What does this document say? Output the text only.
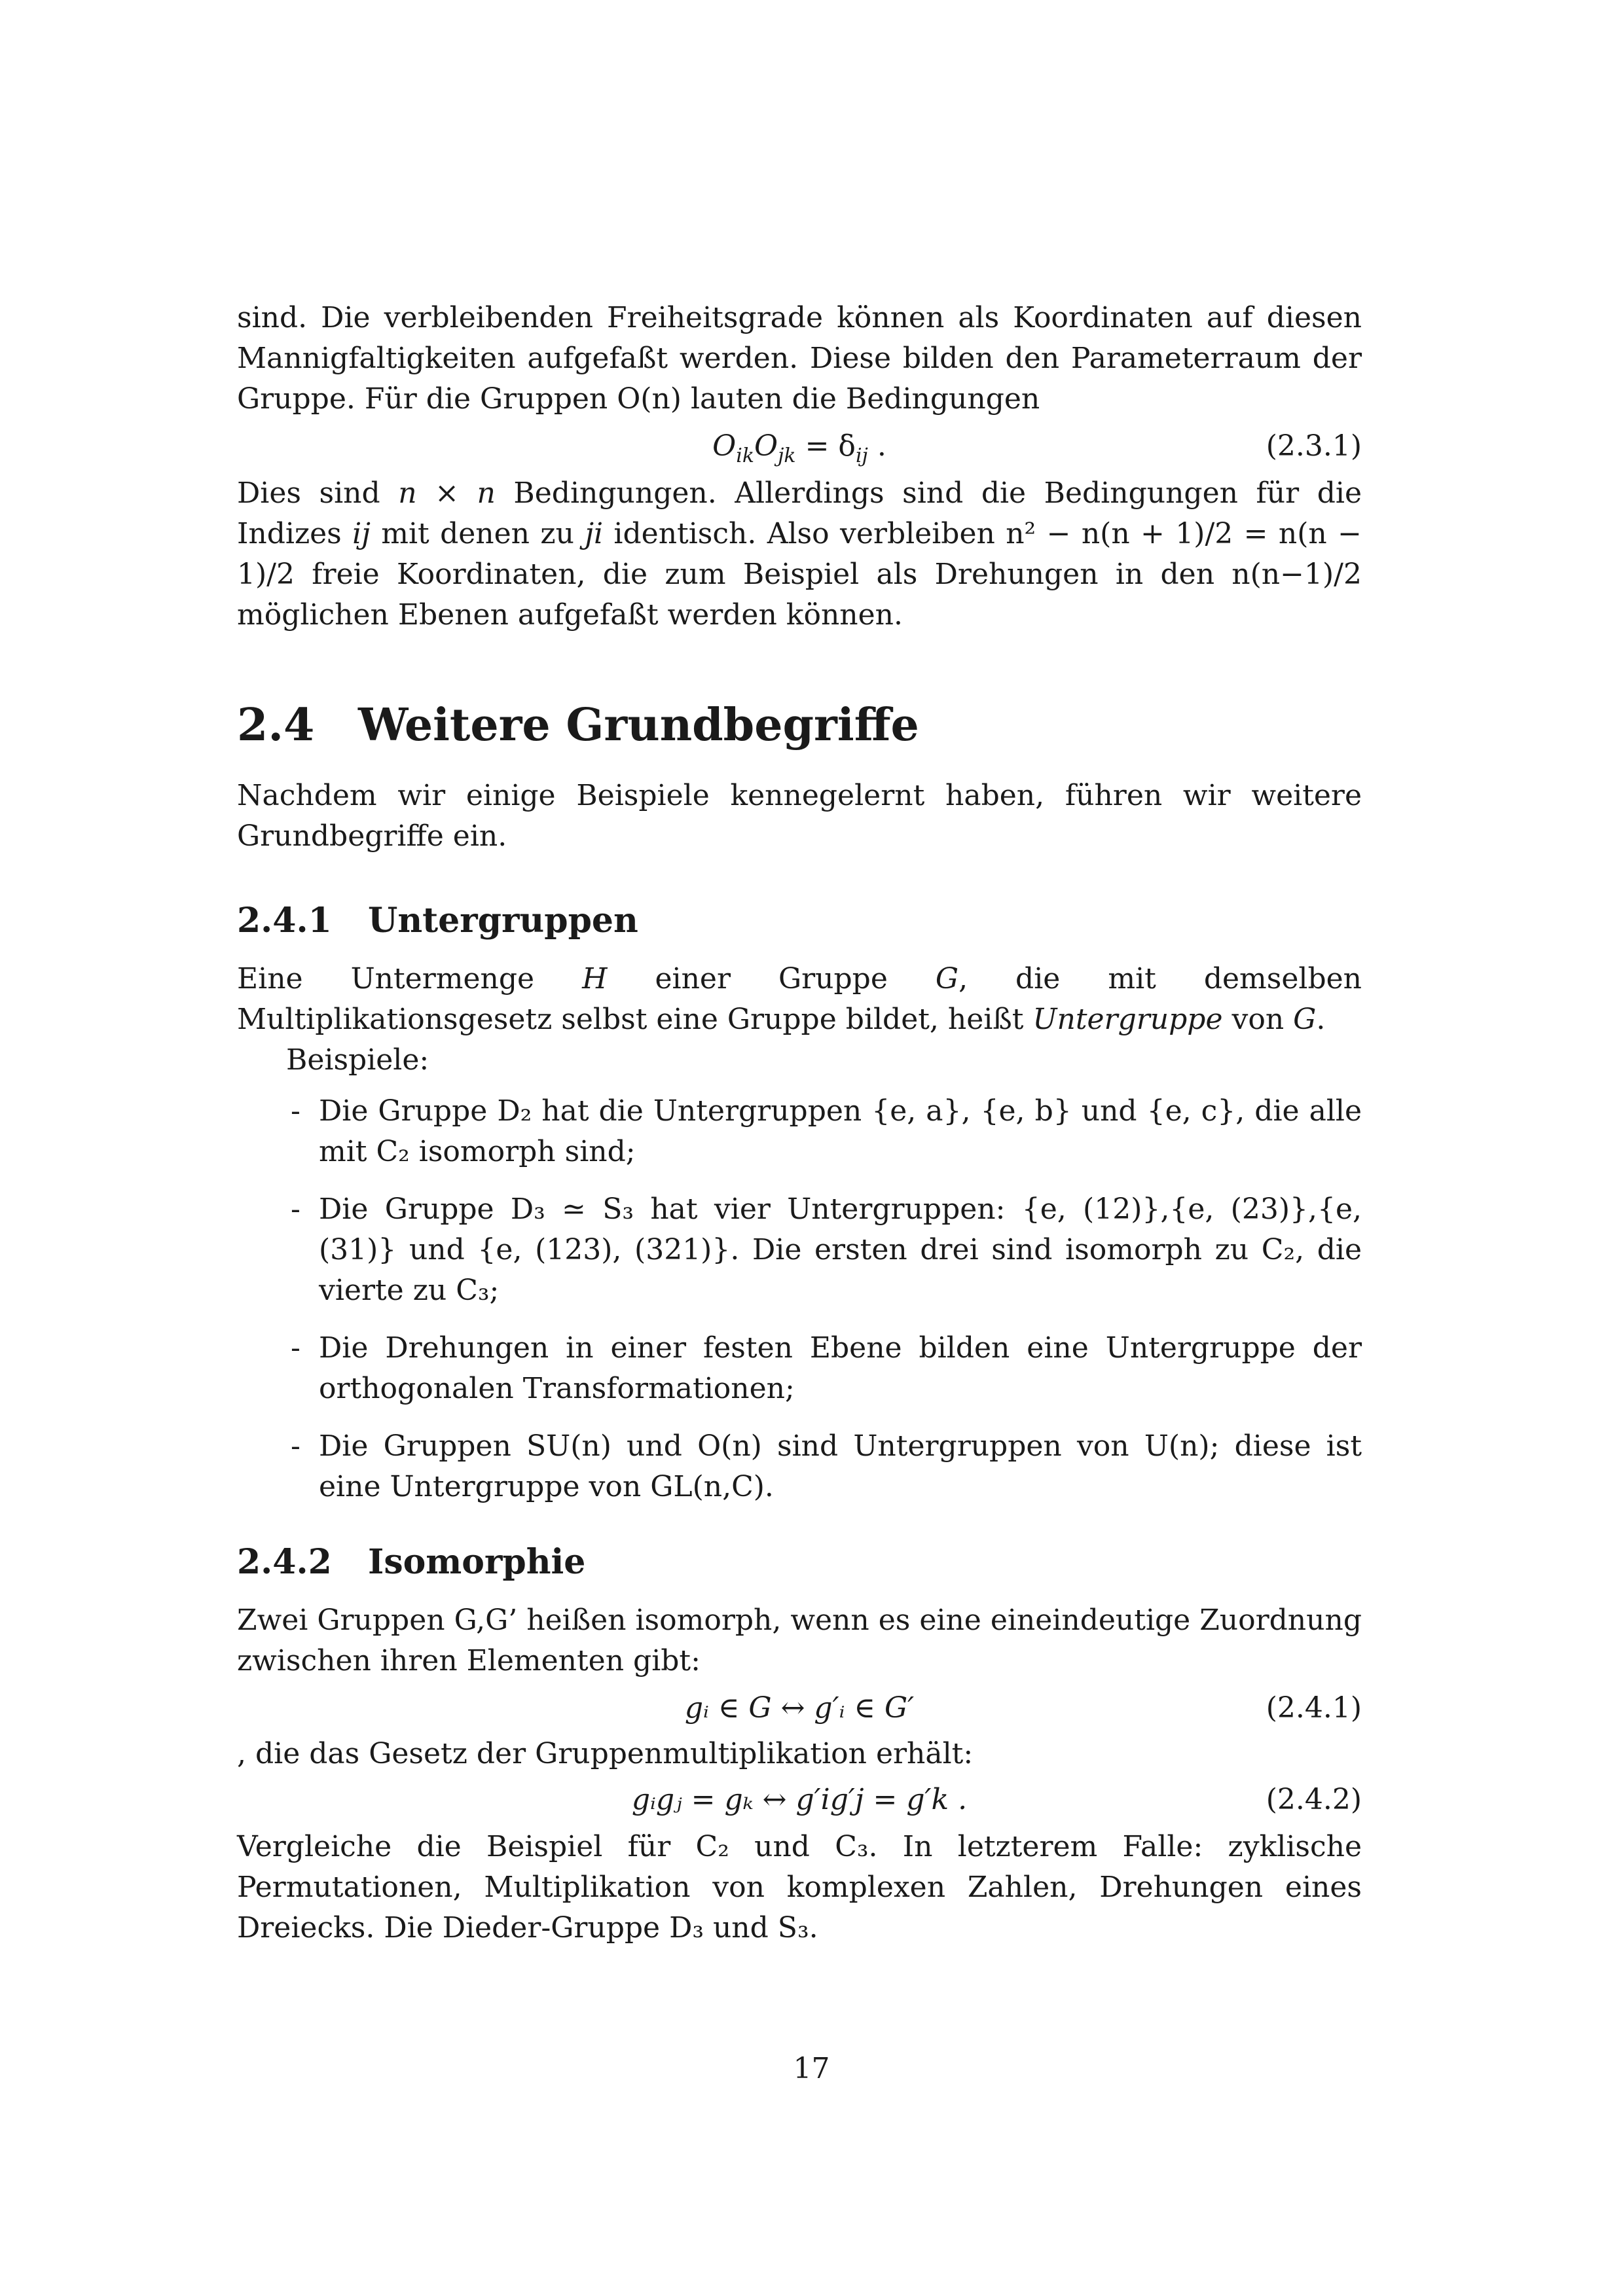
sind. Die verbleibenden Freiheitsgrade können als Koordinaten auf diesen Mannigfaltigkeiten aufgefaßt werden. Diese bilden den Parameterraum der Gruppe. Für die Gruppen O(n) lauten die Bedingungen

$O_{ik}O_{jk} = \delta_{ij}$ .	(2.3.1)

Dies sind n × n Bedingungen. Allerdings sind die Bedingungen für die Indizes ij mit denen zu ji identisch. Also verbleiben n² − n(n + 1)/2 = n(n − 1)/2 freie Koordinaten, die zum Beispiel als Drehungen in den n(n−1)/2 möglichen Ebenen aufgefaßt werden können.

2.4 Weitere Grundbegriffe

Nachdem wir einige Beispiele kennegelernt haben, führen wir weitere Grundbegriffe ein.

2.4.1 Untergruppen

Eine Untermenge H einer Gruppe G, die mit demselben Multiplikationsgesetz selbst eine Gruppe bildet, heißt Untergruppe von G.

Beispiele:

- Die Gruppe D₂ hat die Untergruppen {e, a}, {e, b} und {e, c}, die alle mit C₂ isomorph sind;
- Die Gruppe D₃ ≃ S₃ hat vier Untergruppen: {e, (12)},{e, (23)},{e, (31)} und {e, (123), (321)}. Die ersten drei sind isomorph zu C₂, die vierte zu C₃;
- Die Drehungen in einer festen Ebene bilden eine Untergruppe der orthogonalen Transformationen;
- Die Gruppen SU(n) und O(n) sind Untergruppen von U(n); diese ist eine Untergruppe von GL(n,C).
2.4.2 Isomorphie

Zwei Gruppen G,G’ heißen isomorph, wenn es eine eineindeutige Zuordnung zwischen ihren Elementen gibt:

gᵢ ∈ G ↔ g′ᵢ ∈ G′	(2.4.1)

, die das Gesetz der Gruppenmultiplikation erhält:

gᵢgⱼ = gₖ ↔ g′ig′j = g′k .	(2.4.2)

Vergleiche die Beispiel für C₂ und C₃. In letzterem Falle: zyklische Permutationen, Multiplikation von komplexen Zahlen, Drehungen eines Dreiecks. Die Dieder-Gruppe D₃ und S₃.

17
